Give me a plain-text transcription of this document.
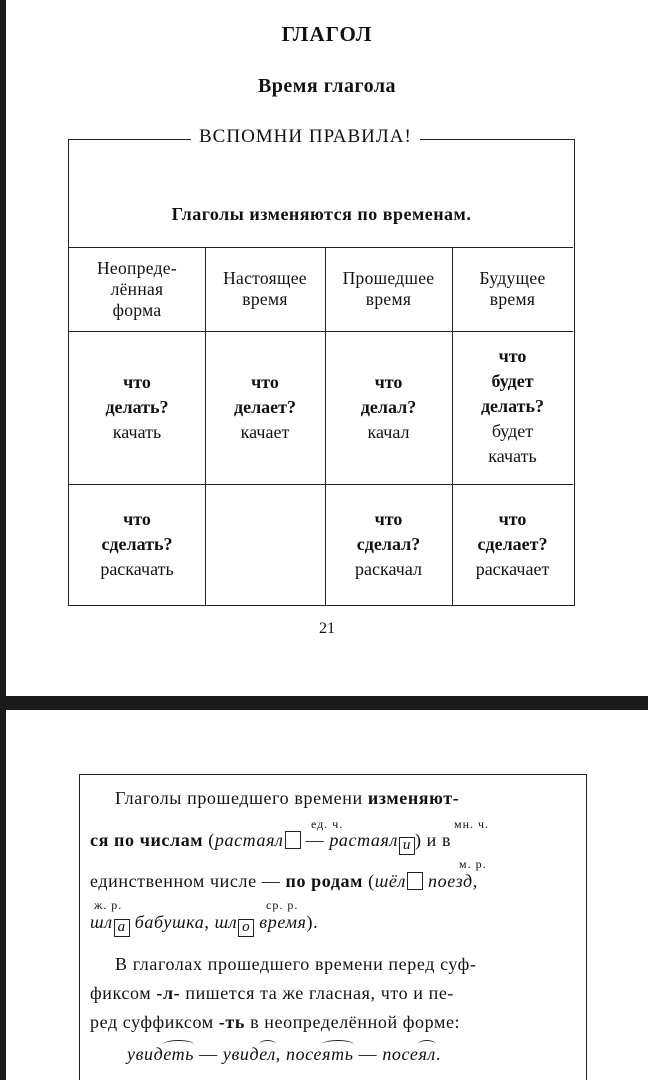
ГЛАГОЛ
Время глагола
Неопреде-
лённая
форма
Настоящее
время
Прошедшее
время
Будущее
время
что
делать?
качать
что
делает?
качает
что
делал?
качал
что
будет
делать?
будет
качать
что
сделать?
раскачать
что
сделал?
раскачал
что
сделает?
раскачает
ВСПОМНИ ПРАВИЛА!
Глаголы изменяются по временам.
21
Глаголы прошедшего времени изменяют-
ед. ч.	мн. ч.
ся по числам (растаял — растаял и ) и в
м. р.
единственном числе — по родам (шёл поезд,
ж. р.	ср. р.
шл а бабушка, шл о время).
В глаголах прошедшего времени перед суф-
фиксом -л- пишется та же гласная, что и пе-
ред суффиксом -ть в неопределённой форме:
увидеть — увидел, посеять — посеял.
